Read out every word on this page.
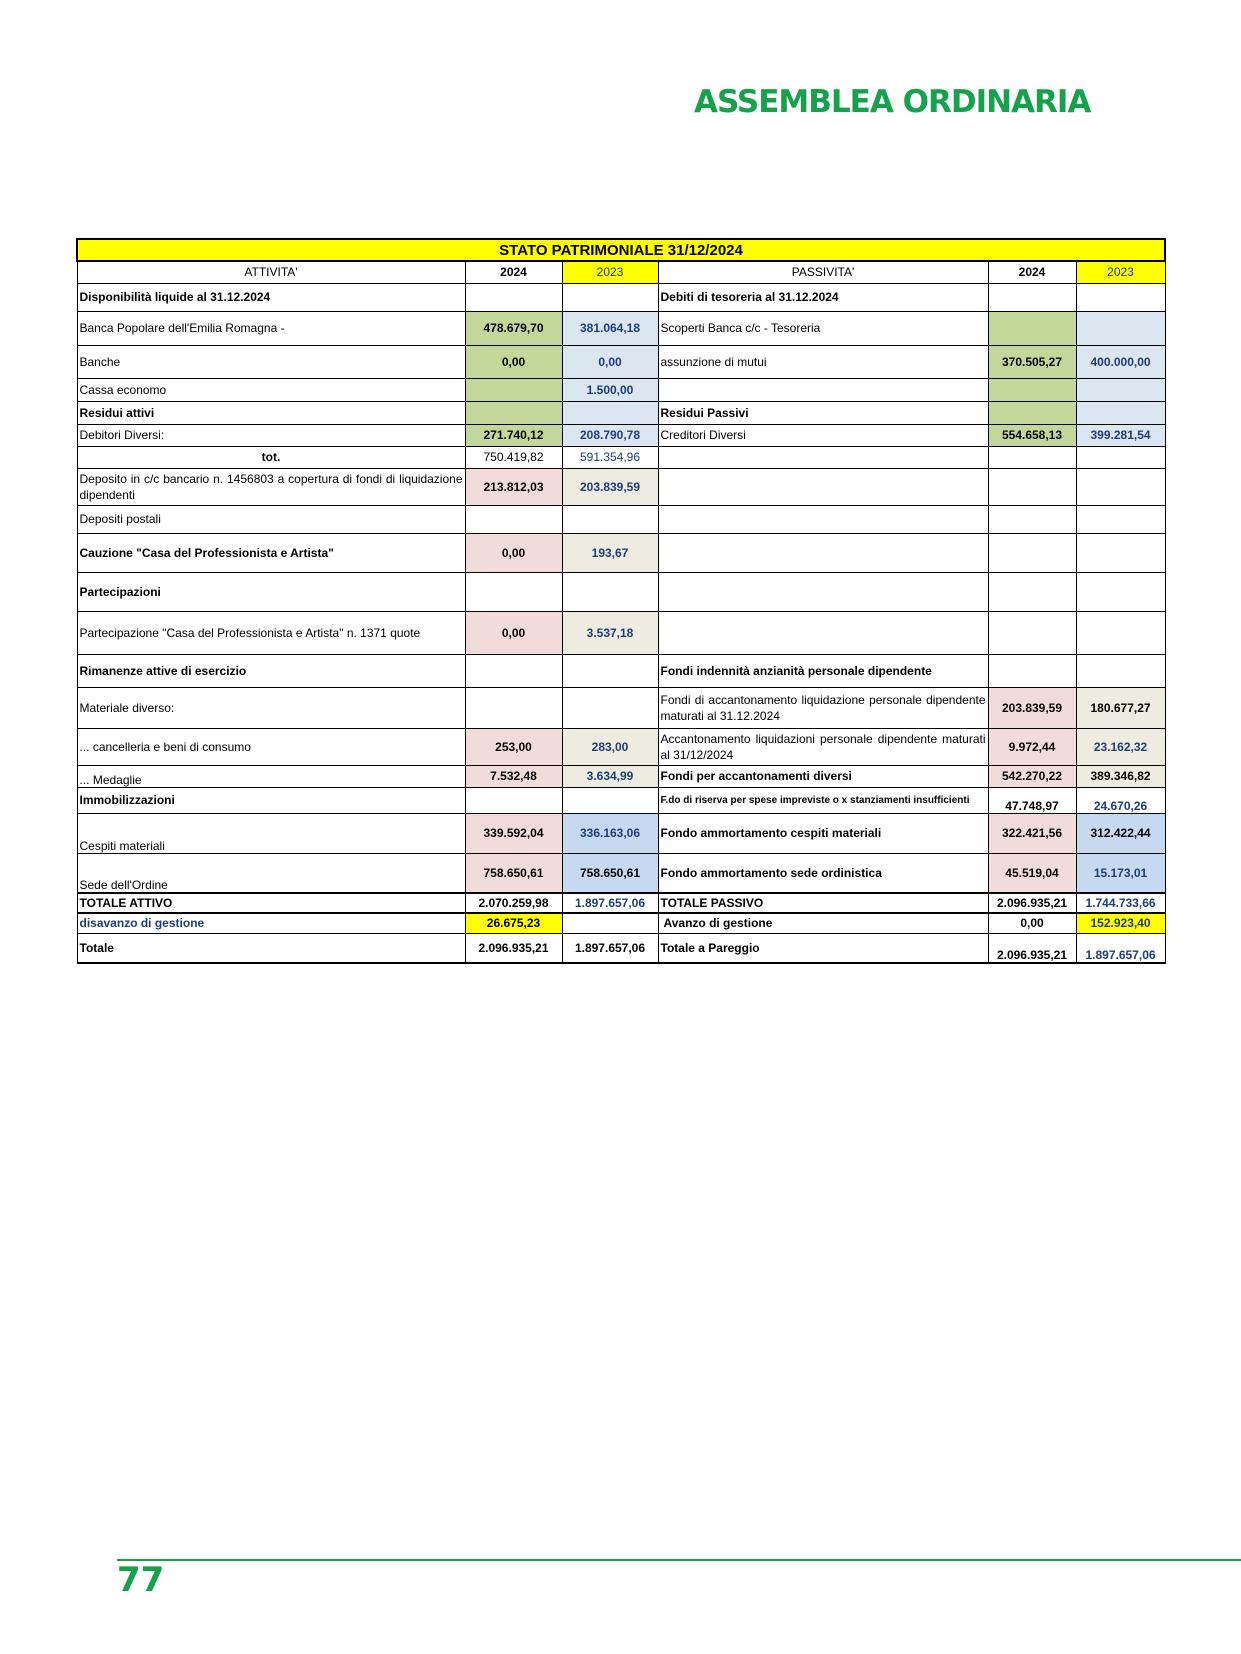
ASSEMBLEA ORDINARIA
STATO PATRIMONIALE 31/12/2024					
ATTIVITA'	2024	2023	PASSIVITA'	2024	2023
Disponibilità liquide al 31.12.2024			Debiti di tesoreria al 31.12.2024		
Banca Popolare dell'Emilia Romagna -	478.679,70	381.064,18	Scoperti Banca c/c - Tesoreria		
Banche	0,00	0,00	assunzione di mutui	370.505,27	400.000,00
Cassa economo		1.500,00			
Residui attivi			Residui Passivi		
Debitori Diversi:	271.740,12	208.790,78	Creditori Diversi	554.658,13	399.281,54
tot.	750.419,82	591.354,96			
Deposito in c/c bancario n. 1456803 a copertura di fondi di liquidazione dipendenti	213.812,03	203.839,59			
Depositi postali					
Cauzione "Casa del Professionista e Artista"	0,00	193,67			
Partecipazioni					
Partecipazione "Casa del Professionista e Artista" n. 1371 quote	0,00	3.537,18			
Rimanenze attive di esercizio			Fondi indennità anzianità personale dipendente		
Materiale diverso:			Fondi di accantonamento liquidazione personale dipendente maturati al 31.12.2024	203.839,59	180.677,27
... cancelleria e beni di consumo	253,00	283,00	Accantonamento liquidazioni personale dipendente maturati al 31/12/2024	9.972,44	23.162,32
... Medaglie	7.532,48	3.634,99	Fondi per accantonamenti diversi	542.270,22	389.346,82
Immobilizzazioni			F.do di riserva per spese impreviste o x stanziamenti insufficienti	47.748,97	24.670,26
Cespiti materiali	339.592,04	336.163,06	Fondo ammortamento cespiti materiali	322.421,56	312.422,44
Sede dell'Ordine	758.650,61	758.650,61	Fondo ammortamento sede ordinistica	45.519,04	15.173,01
TOTALE ATTIVO	2.070.259,98	1.897.657,06	TOTALE PASSIVO	2.096.935,21	1.744.733,66
disavanzo di gestione	26.675,23		Avanzo di gestione	0,00	152.923,40
Totale	2.096.935,21	1.897.657,06	Totale a Pareggio	2.096.935,21	1.897.657,06
77
